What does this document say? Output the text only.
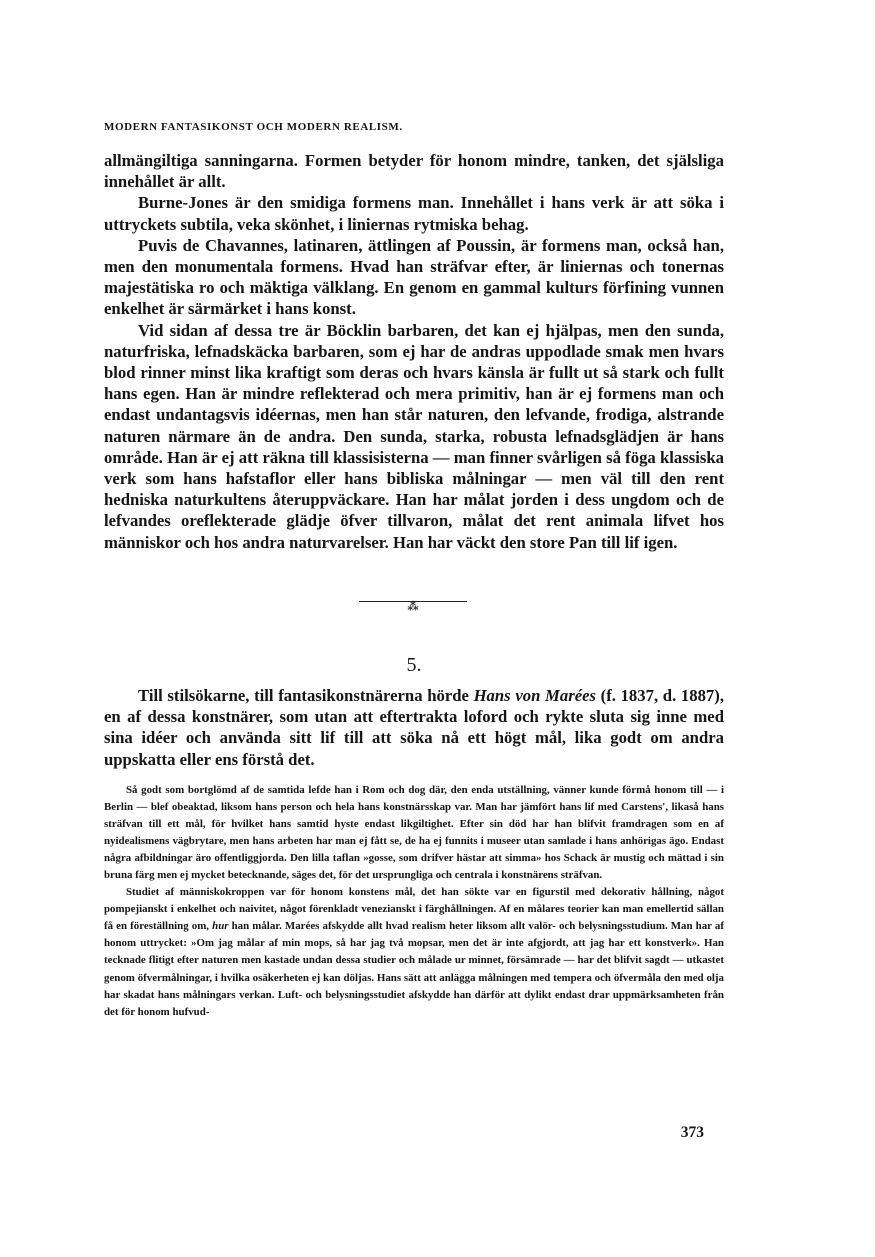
MODERN FANTASIKONST OCH MODERN REALISM.

allmängiltiga sanningarna. Formen betyder för honom mindre, tanken, det själsliga innehållet är allt.

Burne-Jones är den smidiga formens man. Innehållet i hans verk är att söka i uttryckets subtila, veka skönhet, i liniernas rytmiska behag.

Puvis de Chavannes, latinaren, ättlingen af Poussin, är formens man, också han, men den monumentala formens. Hvad han sträfvar efter, är liniernas och tonernas majestätiska ro och mäktiga välklang. En genom en gammal kulturs förfining vunnen enkelhet är särmärket i hans konst.

Vid sidan af dessa tre är Böcklin barbaren, det kan ej hjälpas, men den sunda, naturfriska, lefnadskäcka barbaren, som ej har de andras uppodlade smak men hvars blod rinner minst lika kraftigt som deras och hvars känsla är fullt ut så stark och fullt hans egen. Han är mindre reflekterad och mera primitiv, han är ej formens man och endast undantagsvis idéernas, men han står naturen, den lefvande, frodiga, alstrande naturen närmare än de andra. Den sunda, starka, robusta lefnadsglädjen är hans område. Han är ej att räkna till klassisisterna — man finner svårligen så föga klassiska verk som hans hafstaflor eller hans bibliska målningar — men väl till den rent hedniska naturkultens återuppväckare. Han har målat jorden i dess ungdom och de lefvandes oreflekterade glädje öfver tillvaron, målat det rent animala lifvet hos människor och hos andra naturvarelser. Han har väckt den store Pan till lif igen.

⁂
5.

Till stilsökarne, till fantasikonstnärerna hörde Hans von Marées (f. 1837, d. 1887), en af dessa konstnärer, som utan att eftertrakta loford och rykte sluta sig inne med sina idéer och använda sitt lif till att söka nå ett högt mål, lika godt om andra uppskatta eller ens förstå det.

Så godt som bortglömd af de samtida lefde han i Rom och dog där, den enda utställning, vänner kunde förmå honom till — i Berlin — blef obeaktad, liksom hans person och hela hans konstnärsskap var. Man har jämfört hans lif med Carstens', likaså hans sträfvan till ett mål, för hvilket hans samtid hyste endast likgiltighet. Efter sin död har han blifvit framdragen som en af nyidealismens vägbrytare, men hans arbeten har man ej fått se, de ha ej funnits i museer utan samlade i hans anhörigas ägo. Endast några afbildningar äro offentliggjorda. Den lilla taflan »gosse, som drifver hästar att simma» hos Schack är mustig och mättad i sin bruna färg men ej mycket betecknande, säges det, för det ursprungliga och centrala i konstnärens sträfvan.

Studiet af människokroppen var för honom konstens mål, det han sökte var en figurstil med dekorativ hållning, något pompejianskt i enkelhet och naivitet, något förenkladt venezianskt i färghållningen. Af en målares teorier kan man emellertid sällan få en föreställning om, hur han målar. Marées afskydde allt hvad realism heter liksom allt valör- och belysningsstudium. Man har af honom uttrycket: »Om jag målar af min mops, så har jag två mopsar, men det är inte afgjordt, att jag har ett konstverk». Han tecknade flitigt efter naturen men kastade undan dessa studier och målade ur minnet, försämrade — har det blifvit sagdt — utkastet genom öfvermålningar, i hvilka osäkerheten ej kan döljas. Hans sätt att anlägga målningen med tempera och öfvermåla den med olja har skadat hans målningars verkan. Luft- och belysningsstudiet afskydde han därför att dylikt endast drar uppmärksamheten från det för honom hufvud-

373
